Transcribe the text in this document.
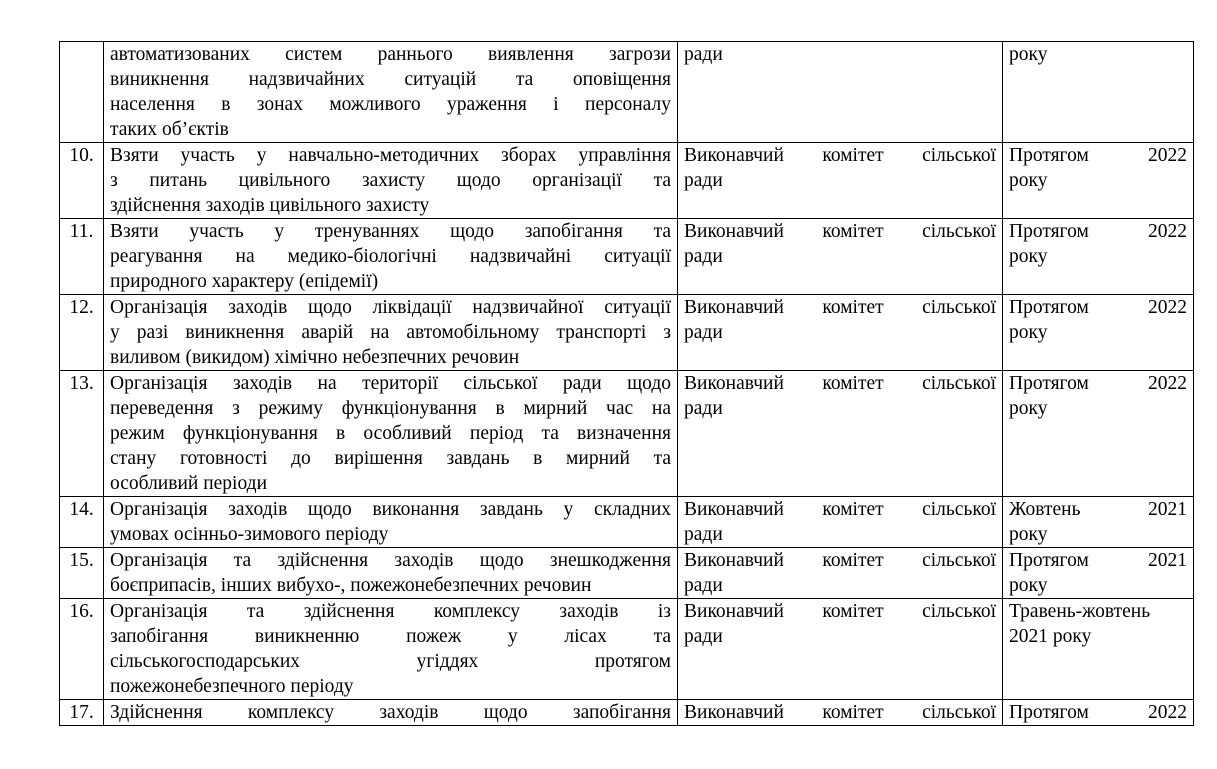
	автоматизованих систем раннього виявлення загрози
виникнення надзвичайних ситуацій та оповіщення
населення в зонах можливого ураження і персоналу
таких об’єктів	ради	року

10.	Взяти участь у навчально-методичних зборах управління
з питань цивільного захисту щодо організації та
здійснення заходів цивільного захисту	Виконавчий комітет сільської
ради	Протягом 2022
року

11.	Взяти участь у тренуваннях щодо запобігання та
реагування на медико-біологічні надзвичайні ситуації
природного характеру (епідемії)	Виконавчий комітет сільської
ради	Протягом 2022
року

12.	Організація заходів щодо ліквідації надзвичайної ситуації
у разі виникнення аварій на автомобільному транспорті з
виливом (викидом) хімічно небезпечних речовин	Виконавчий комітет сільської
ради	Протягом 2022
року

13.	Організація заходів на території сільської ради щодо
переведення з режиму функціонування в мирний час на
режим функціонування в особливий період та визначення
стану готовності до вирішення завдань в мирний та
особливий періоди	Виконавчий комітет сільської
ради	Протягом 2022
року

14.	Організація заходів щодо виконання завдань у складних
умовах осінньо-зимового періоду	Виконавчий комітет сільської
ради	Жовтень 2021
року

15.	Організація та здійснення заходів щодо знешкодження
боєприпасів, інших вибухо-, пожежонебезпечних речовин	Виконавчий комітет сільської
ради	Протягом 2021
року

16.	Організація та здійснення комплексу заходів із
запобігання виникненню пожеж у лісах та
сільськогосподарських угіддях протягом
пожежонебезпечного періоду	Виконавчий комітет сільської
ради	Травень-жовтень
2021 року

17.	Здійснення комплексу заходів щодо запобігання	Виконавчий комітет сільської	Протягом 2022
